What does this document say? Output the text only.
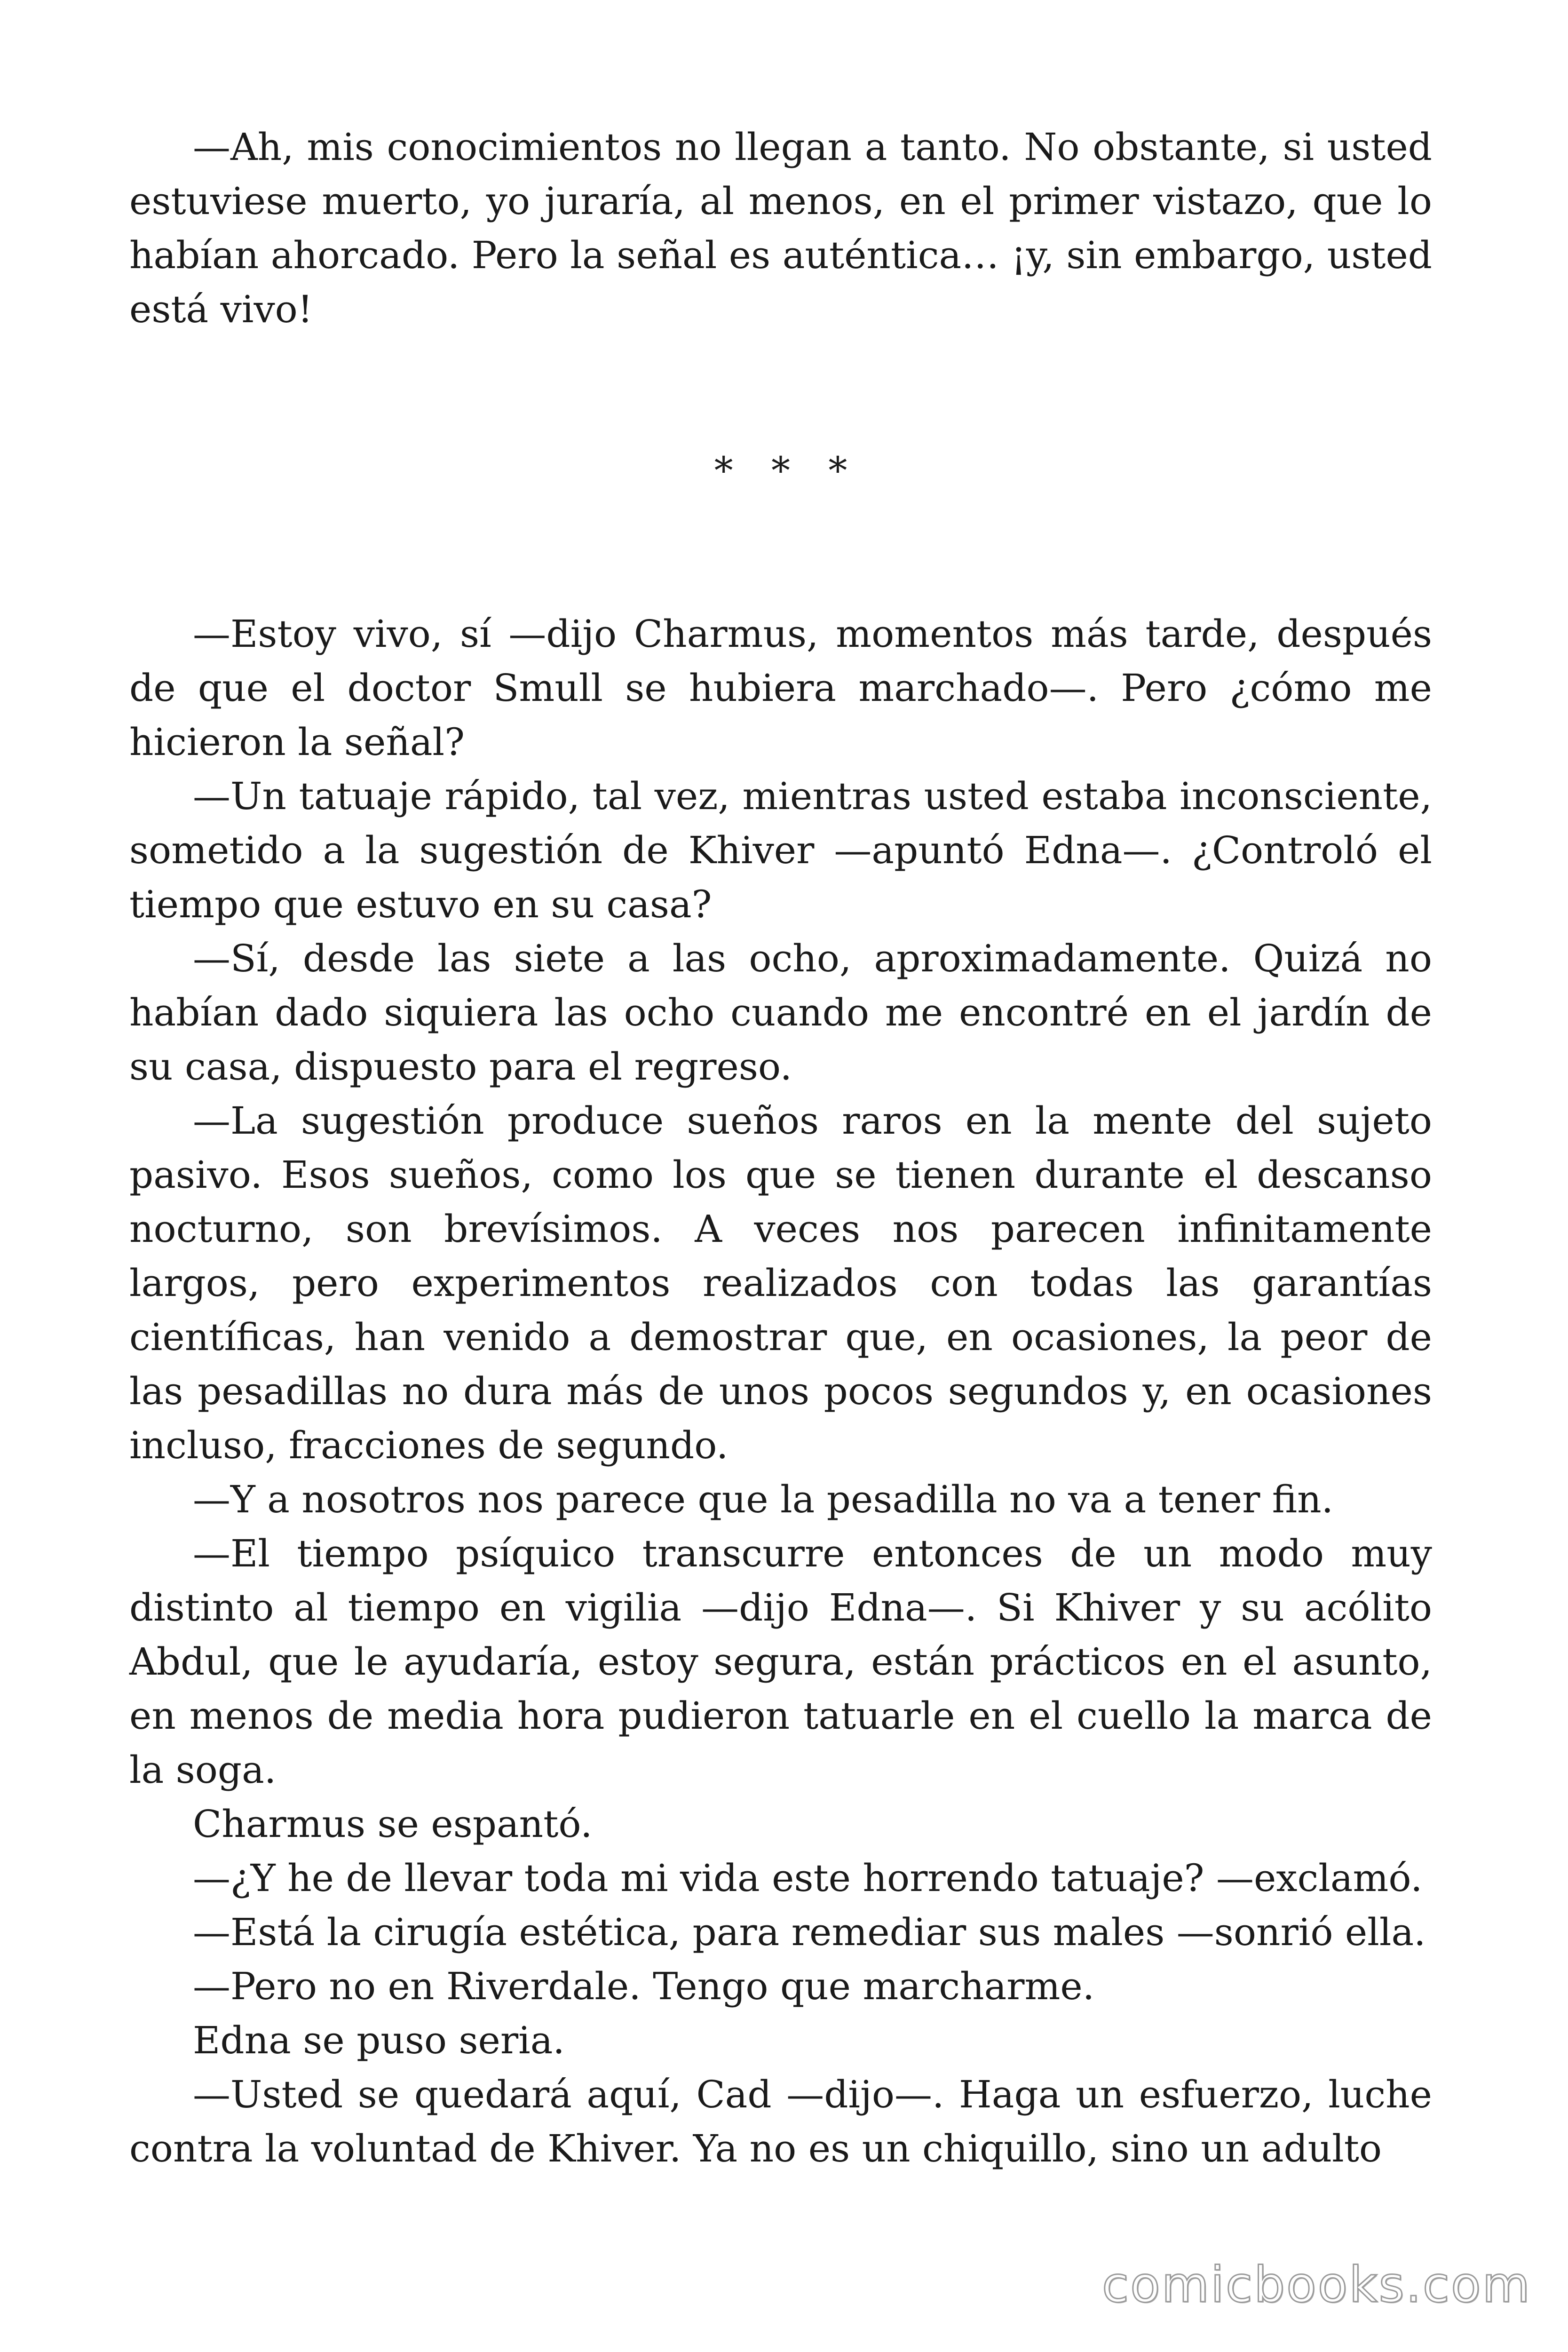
—Ah, mis conocimientos no llegan a tanto. No obstante, si usted estuviese muerto, yo juraría, al menos, en el primer vistazo, que lo habían ahorcado. Pero la señal es auténtica… ¡y, sin embargo, usted está vivo!

* * *

—Estoy vivo, sí —dijo Charmus, momentos más tarde, después de que el doctor Smull se hubiera marchado—. Pero ¿cómo me hicieron la señal?

—Un tatuaje rápido, tal vez, mientras usted estaba inconsciente, sometido a la sugestión de Khiver —apuntó Edna—. ¿Controló el tiempo que estuvo en su casa?

—Sí, desde las siete a las ocho, aproximadamente. Quizá no habían dado siquiera las ocho cuando me encontré en el jardín de su casa, dispuesto para el regreso.

—La sugestión produce sueños raros en la mente del sujeto pasivo. Esos sueños, como los que se tienen durante el descanso nocturno, son brevísimos. A veces nos parecen infinitamente largos, pero experimentos realizados con todas las garantías científicas, han venido a demostrar que, en ocasiones, la peor de las pesadillas no dura más de unos pocos segundos y, en ocasiones incluso, fracciones de segundo.

—Y a nosotros nos parece que la pesadilla no va a tener fin.

—El tiempo psíquico transcurre entonces de un modo muy distinto al tiempo en vigilia —dijo Edna—. Si Khiver y su acólito Abdul, que le ayudaría, estoy segura, están prácticos en el asunto, en menos de media hora pudieron tatuarle en el cuello la marca de la soga.

Charmus se espantó.

—¿Y he de llevar toda mi vida este horrendo tatuaje? —exclamó.

—Está la cirugía estética, para remediar sus males —sonrió ella.

—Pero no en Riverdale. Tengo que marcharme.

Edna se puso seria.

—Usted se quedará aquí, Cad —dijo—. Haga un esfuerzo, luche contra la voluntad de Khiver. Ya no es un chiquillo, sino un adulto

comicbooks.com
